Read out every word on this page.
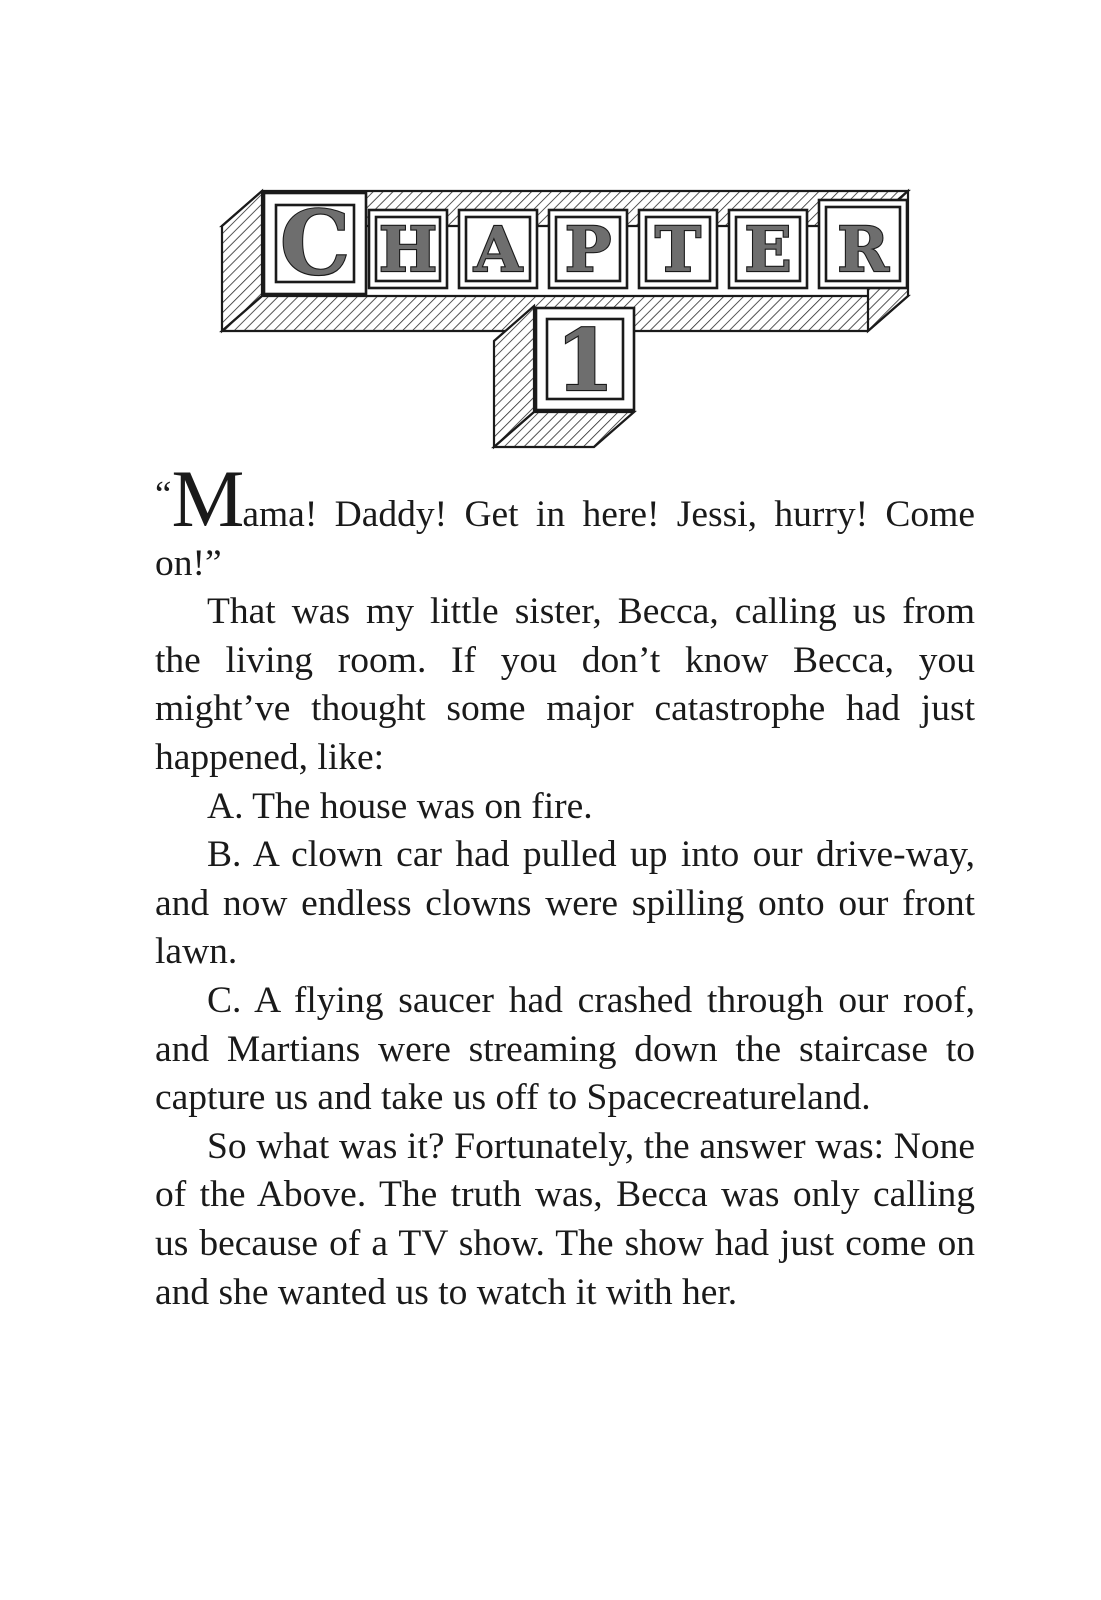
C H A P T E R
1

“Mama! Daddy! Get in here! Jessi, hurry! Come on!”

That was my little sister, Becca, calling us from the living room. If you don’t know Becca, you might’ve thought some major catastrophe had just happened, like:

A. The house was on fire.

B. A clown car had pulled up into our drive-way, and now endless clowns were spilling onto our front lawn.

C. A flying saucer had crashed through our roof, and Martians were streaming down the staircase to capture us and take us off to Spacecreatureland.

So what was it? Fortunately, the answer was: None of the Above. The truth was, Becca was only calling us because of a TV show. The show had just come on and she wanted us to watch it with her.
